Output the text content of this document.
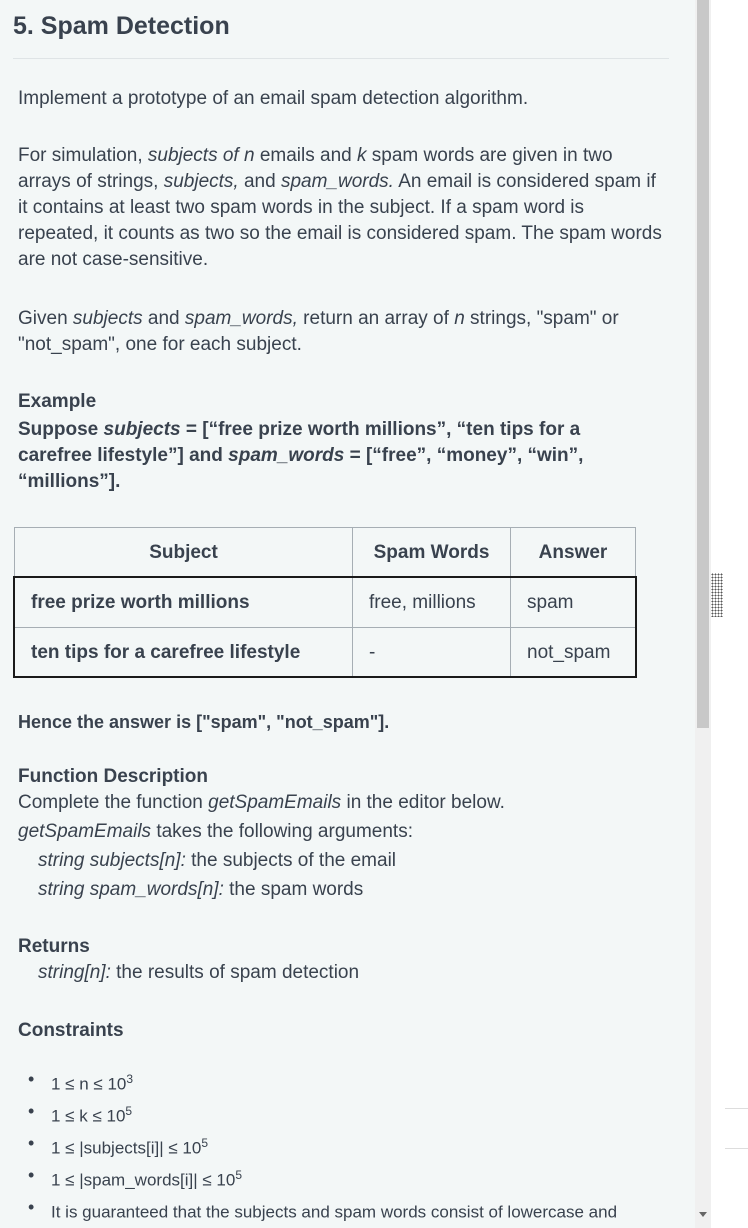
5. Spam Detection

Implement a prototype of an email spam detection algorithm.

For simulation, subjects of n emails and k spam words are given in two arrays of strings, subjects, and spam_words. An email is considered spam if it contains at least two spam words in the subject. If a spam word is repeated, it counts as two so the email is considered spam. The spam words are not case-sensitive.

Given subjects and spam_words, return an array of n strings, "spam" or "not_spam", one for each subject.

Example

Suppose subjects = [“free prize worth millions”, “ten tips for a carefree lifestyle”] and spam_words = [“free”, “money”, “win”, “millions”].

Subject	Spam Words	Answer
free prize worth millions	free, millions	spam
ten tips for a carefree lifestyle	-	not_spam

Hence the answer is ["spam", "not_spam"].

Function Description

Complete the function getSpamEmails in the editor below.

getSpamEmails takes the following arguments:

string subjects[n]: the subjects of the email

string spam_words[n]: the spam words

Returns

string[n]: the results of spam detection

Constraints

• $1 \le n \le 10^3$
• $1 \le k \le 10^5$
• 1 ≤ |subjects[i]| ≤ $10^5$
• 1 ≤ |spam_words[i]| ≤ $10^5$
• It is guaranteed that the subjects and spam words consist of lowercase and
